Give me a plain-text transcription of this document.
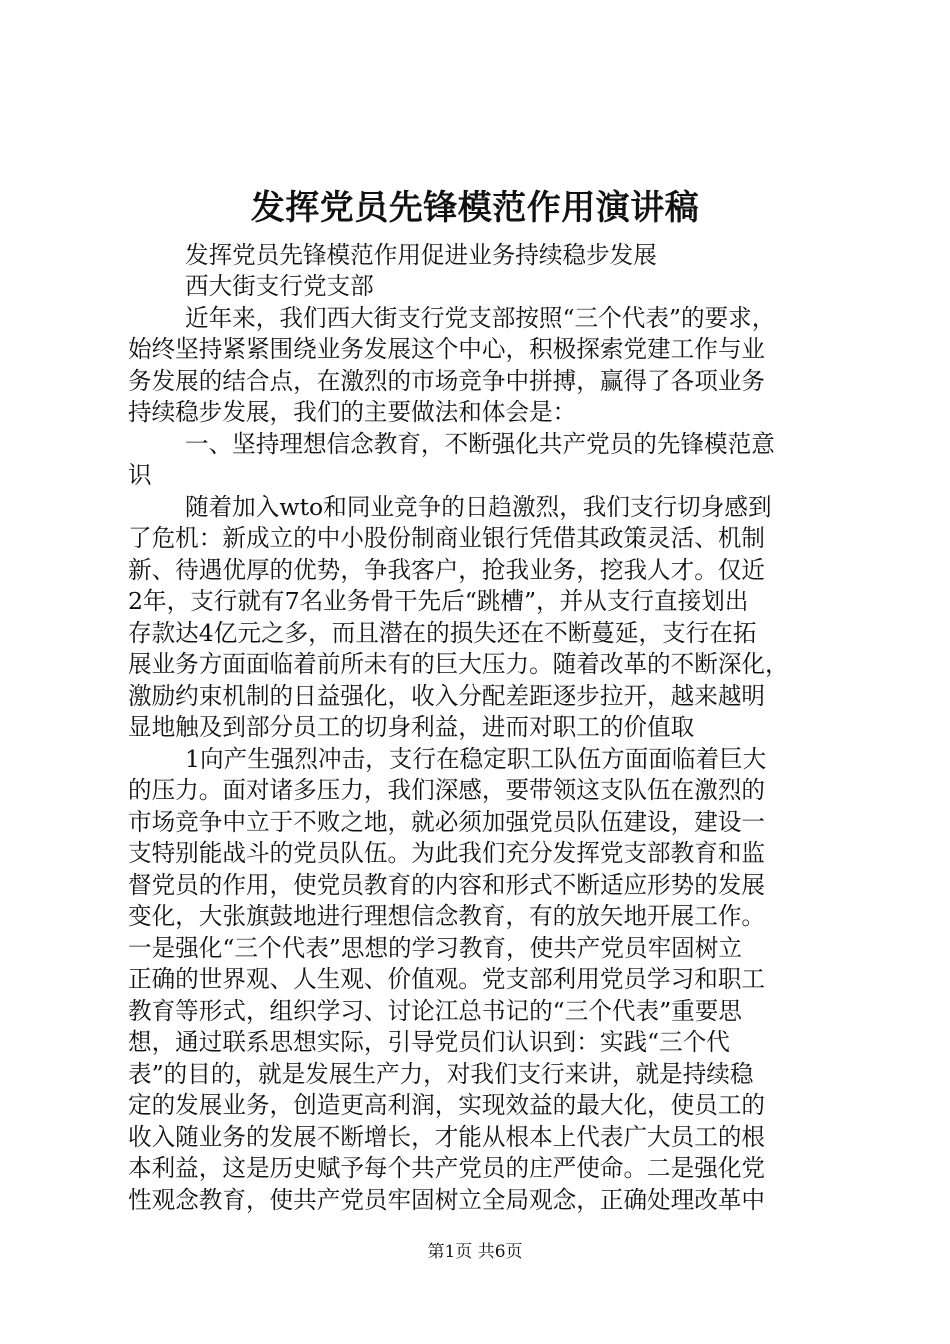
发挥党员先锋模范作用演讲稿
发挥党员先锋模范作用促进业务持续稳步发展
西大街支行党支部
近年来，我们西大街支行党支部按照“三个代表”的要求，
始终坚持紧紧围绕业务发展这个中心，积极探索党建工作与业
务发展的结合点，在激烈的市场竞争中拼搏，赢得了各项业务
持续稳步发展，我们的主要做法和体会是：
一、坚持理想信念教育，不断强化共产党员的先锋模范意
识
随着加入wto和同业竞争的日趋激烈，我们支行切身感到
了危机：新成立的中小股份制商业银行凭借其政策灵活、机制
新、待遇优厚的优势，争我客户，抢我业务，挖我人才。仅近
2年，支行就有7名业务骨干先后“跳槽”，并从支行直接划出
存款达4亿元之多，而且潜在的损失还在不断蔓延，支行在拓
展业务方面面临着前所未有的巨大压力。随着改革的不断深化，
激励约束机制的日益强化，收入分配差距逐步拉开，越来越明
显地触及到部分员工的切身利益，进而对职工的价值取
1向产生强烈冲击，支行在稳定职工队伍方面面临着巨大
的压力。面对诸多压力，我们深感，要带领这支队伍在激烈的
市场竞争中立于不败之地，就必须加强党员队伍建设，建设一
支特别能战斗的党员队伍。为此我们充分发挥党支部教育和监
督党员的作用，使党员教育的内容和形式不断适应形势的发展
变化，大张旗鼓地进行理想信念教育，有的放矢地开展工作。
一是强化“三个代表”思想的学习教育，使共产党员牢固树立
正确的世界观、人生观、价值观。党支部利用党员学习和职工
教育等形式，组织学习、讨论江总书记的“三个代表”重要思
想，通过联系思想实际，引导党员们认识到：实践“三个代
表”的目的，就是发展生产力，对我们支行来讲，就是持续稳
定的发展业务，创造更高利润，实现效益的最大化，使员工的
收入随业务的发展不断增长，才能从根本上代表广大员工的根
本利益，这是历史赋予每个共产党员的庄严使命。二是强化党
性观念教育，使共产党员牢固树立全局观念，正确处理改革中
第1页 共6页
